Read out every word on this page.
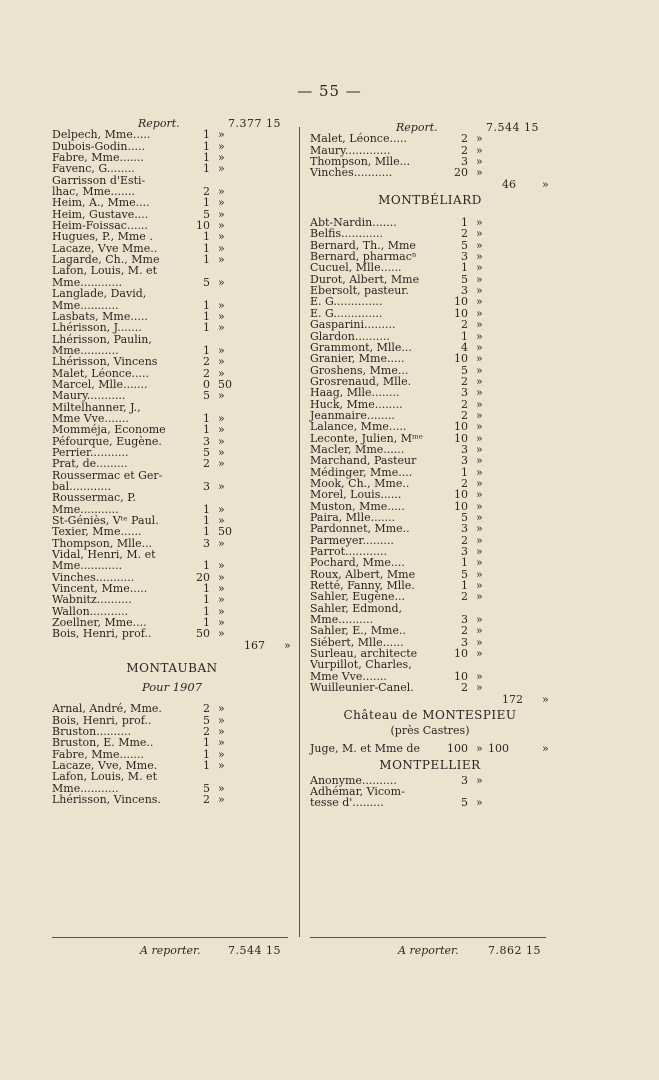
— 55 —
Report.	7.377 15
Delpech, Mme.....	1 »
Dubois-Godin.....	1 »
Fabre, Mme.......	1 »
Favenc, G........	1 »
Garrisson d'Esti-
lhac, Mme.......	2 »
Heim, A., Mme....	1 »
Heim, Gustave....	5 »
Heim-Foissac......	10 »
Hugues, P., Mme .	1 »
Lacaze, Vve Mme..	1 »
Lagarde, Ch., Mme	1 »
Lafon, Louis, M. et
Mme............	5 »
Langlade, David,
Mme...........	1 »
Lasbats, Mme.....	1 »
Lhérisson, J.......	1 »
Lhérisson, Paulin,
Mme...........	1 »
Lhérisson, Vincens	2 »
Malet, Léonce.....	2 »
Marcel, Mlle.......	0 50
Maury...........	5 »
Miltelhanner, J.,
Mme Vve.......	1 »
Momméja, Econome	1 »
Péfourque, Eugène.	3 »
Perrier...........	5 »
Prat, de.........	2 »
Roussermac et Ger-
bal............	3 »
Roussermac, P.
Mme...........	1 »
St-Géniès, Vᵗᵉ Paul.	1 »
Texier, Mme......	1 50
Thompson, Mlle...	3 »
Vidal, Henri, M. et
Mme............	1 »
Vinches...........	20 »
Vincent, Mme.....	1 »
Wabnitz..........	1 »
Wallon...........	1 »
Zoellner, Mme....	1 »
Bois, Henri, prof..	50 »
167 »
MONTAUBAN
Pour 1907
Arnal, André, Mme.	2 »
Bois, Henri, prof..	5 »
Bruston..........	2 »
Bruston, E. Mme..	1 »
Fabre, Mme.......	1 »
Lacaze, Vve, Mme.	1 »
Lafon, Louis, M. et
Mme...........	5 »
Lhérisson, Vincens.	2 »
Report.	7.544 15
Malet, Léonce.....	2 »
Maury.............	2 »
Thompson, Mlle...	3 »
Vinches...........	20 »
46 »
MONTBÉLIARD
Abt-Nardin.......	1 »
Belfis............	2 »
Bernard, Th., Mme	5 »
Bernard, pharmacⁿ	3 »
Cucuel, Mlle......	1 »
Durot, Albert, Mme	5 »
Ebersolt, pasteur.	3 »
E. G..............	10 »
E. G..............	10 »
Gasparini.........	2 »
Glardon..........	1 »
Grammont, Mlle...	4 »
Granier, Mme.....	10 »
Groshens, Mme...	5 »
Grosrenaud, Mlle.	2 »
Haag, Mlle........	3 »
Huck, Mme........	2 »
Jeanmaire........	2 »
Lalance, Mme.....	10 »
Leconte, Julien, Mᵐᵉ	10 »
Macler, Mme......	3 »
Marchand, Pasteur	3 »
Médinger, Mme....	1 »
Mook, Ch., Mme..	2 »
Morel, Louis......	10 »
Muston, Mme.....	10 »
Paira, Mlle.......	5 »
Pardonnet, Mme..	3 »
Parmeyer.........	2 »
Parrot............	3 »
Pochard, Mme....	1 »
Roux, Albert, Mme	5 »
Retté, Fanny, Mlle.	1 »
Sahler, Eugène...	2 »
Sahler, Edmond,
Mme..........	3 »
Sahler, E., Mme..	2 »
Siébert, Mlle......	3 »
Surleau, architecte	10 »
Vurpillot, Charles,
Mme Vve.......	10 »
Wuilleunier-Canel.	2 »
172 »
Château de MONTESPIEU
(près Castres)
Juge, M. et Mme de 100 » 100	»
MONTPELLIER
Anonyme..........	3 »
Adhémar, Vicom-
tesse d'.........	5 »
A reporter. 7.544 15	A reporter.	7.862 15
